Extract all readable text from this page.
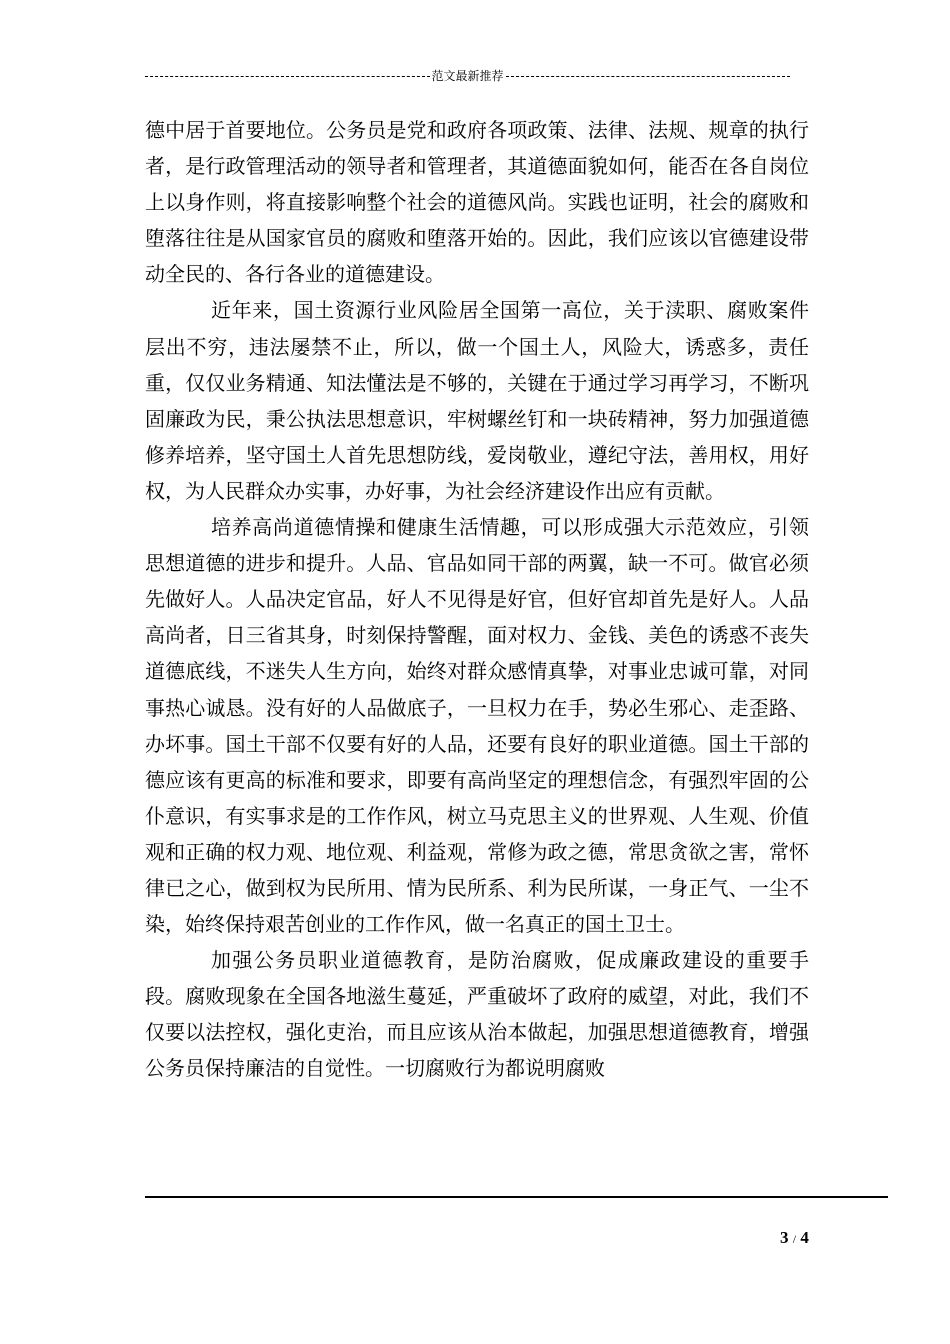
范文最新推荐

德中居于首要地位。公务员是党和政府各项政策、法律、法规、规章的执行者，是行政管理活动的领导者和管理者，其道德面貌如何，能否在各自岗位上以身作则，将直接影响整个社会的道德风尚。实践也证明，社会的腐败和堕落往往是从国家官员的腐败和堕落开始的。因此，我们应该以官德建设带动全民的、各行各业的道德建设。

近年来，国土资源行业风险居全国第一高位，关于渎职、腐败案件层出不穷，违法屡禁不止，所以，做一个国土人，风险大，诱惑多，责任重，仅仅业务精通、知法懂法是不够的，关键在于通过学习再学习，不断巩固廉政为民，秉公执法思想意识，牢树螺丝钉和一块砖精神，努力加强道德修养培养，坚守国土人首先思想防线，爱岗敬业，遵纪守法，善用权，用好权，为人民群众办实事，办好事，为社会经济建设作出应有贡献。

培养高尚道德情操和健康生活情趣，可以形成强大示范效应，引领思想道德的进步和提升。人品、官品如同干部的两翼，缺一不可。做官必须先做好人。人品决定官品，好人不见得是好官，但好官却首先是好人。人品高尚者，日三省其身，时刻保持警醒，面对权力、金钱、美色的诱惑不丧失道德底线，不迷失人生方向，始终对群众感情真挚，对事业忠诚可靠，对同事热心诚恳。没有好的人品做底子，一旦权力在手，势必生邪心、走歪路、办坏事。国土干部不仅要有好的人品，还要有良好的职业道德。国土干部的德应该有更高的标准和要求，即要有高尚坚定的理想信念，有强烈牢固的公仆意识，有实事求是的工作作风，树立马克思主义的世界观、人生观、价值观和正确的权力观、地位观、利益观，常修为政之德，常思贪欲之害，常怀律已之心，做到权为民所用、情为民所系、利为民所谋，一身正气、一尘不染，始终保持艰苦创业的工作作风，做一名真正的国土卫士。

加强公务员职业道德教育，是防治腐败，促成廉政建设的重要手段。腐败现象在全国各地滋生蔓延，严重破坏了政府的威望，对此，我们不仅要以法控权，强化吏治，而且应该从治本做起，加强思想道德教育，增强公务员保持廉洁的自觉性。一切腐败行为都说明腐败

3 / 4
